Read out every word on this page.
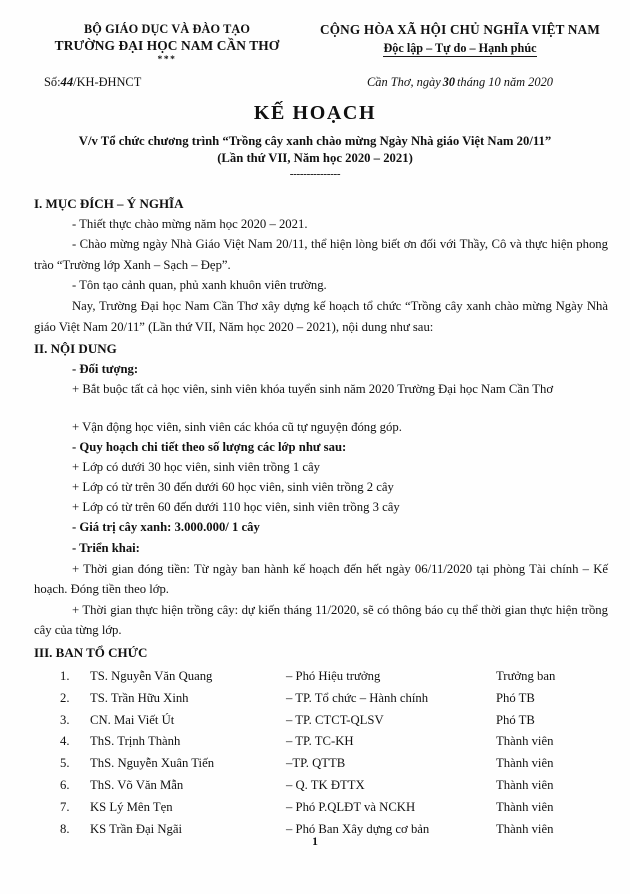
BỘ GIÁO DỤC VÀ ĐÀO TẠO
TRƯỜNG ĐẠI HỌC NAM CẦN THƠ
***
Số:44/KH-ĐHNCT
CỘNG HÒA XÃ HỘI CHỦ NGHĨA VIỆT NAM
Độc lập – Tự do – Hạnh phúc
Cần Thơ, ngày 30 tháng 10 năm 2020
KẾ HOẠCH
V/v Tổ chức chương trình “Trồng cây xanh chào mừng Ngày Nhà giáo Việt Nam 20/11”
(Lần thứ VII, Năm học 2020 – 2021)
---------------
I. MỤC ĐÍCH – Ý NGHĨA
- Thiết thực chào mừng năm học 2020 – 2021.
- Chào mừng ngày Nhà Giáo Việt Nam 20/11, thể hiện lòng biết ơn đối với Thầy, Cô và thực hiện phong trào “Trường lớp Xanh – Sạch – Đẹp”.
- Tôn tạo cảnh quan, phủ xanh khuôn viên trường.
Nay, Trường Đại học Nam Cần Thơ xây dựng kế hoạch tổ chức “Trồng cây xanh chào mừng Ngày Nhà giáo Việt Nam 20/11” (Lần thứ VII, Năm học 2020 – 2021), nội dung như sau:
II. NỘI DUNG
- Đối tượng:
+ Bắt buộc tất cả học viên, sinh viên khóa tuyển sinh năm 2020 Trường Đại học Nam Cần Thơ
+ Vận động học viên, sinh viên các khóa cũ tự nguyện đóng góp.
- Quy hoạch chi tiết theo số lượng các lớp như sau:
+ Lớp có dưới 30 học viên, sinh viên trồng 1 cây
+ Lớp có từ trên 30 đến dưới 60 học viên, sinh viên trồng 2 cây
+ Lớp có từ trên 60 đến dưới 110 học viên, sinh viên trồng 3 cây
- Giá trị cây xanh: 3.000.000/ 1 cây
- Triển khai:
+ Thời gian đóng tiền: Từ ngày ban hành kế hoạch đến hết ngày 06/11/2020 tại phòng Tài chính – Kế hoạch. Đóng tiền theo lớp.
+ Thời gian thực hiện trồng cây: dự kiến tháng 11/2020, sẽ có thông báo cụ thể thời gian thực hiện trồng cây của từng lớp.
III. BAN TỔ CHỨC
1.	TS. Nguyễn Văn Quang	– Phó Hiệu trưởng	Trưởng ban
2.	TS. Trần Hữu Xinh	– TP. Tổ chức – Hành chính	Phó TB
3.	CN. Mai Viết Út	– TP. CTCT-QLSV	Phó TB
4.	ThS. Trịnh Thành	– TP. TC-KH	Thành viên
5.	ThS. Nguyễn Xuân Tiến	–TP. QTTB	Thành viên
6.	ThS. Võ Văn Mẫn	– Q. TK ĐTTX	Thành viên
7.	KS Lý Mên Tẹn	– Phó P.QLĐT và NCKH	Thành viên
8.	KS Trần Đại Ngãi	– Phó Ban Xây dựng cơ bản	Thành viên
1
